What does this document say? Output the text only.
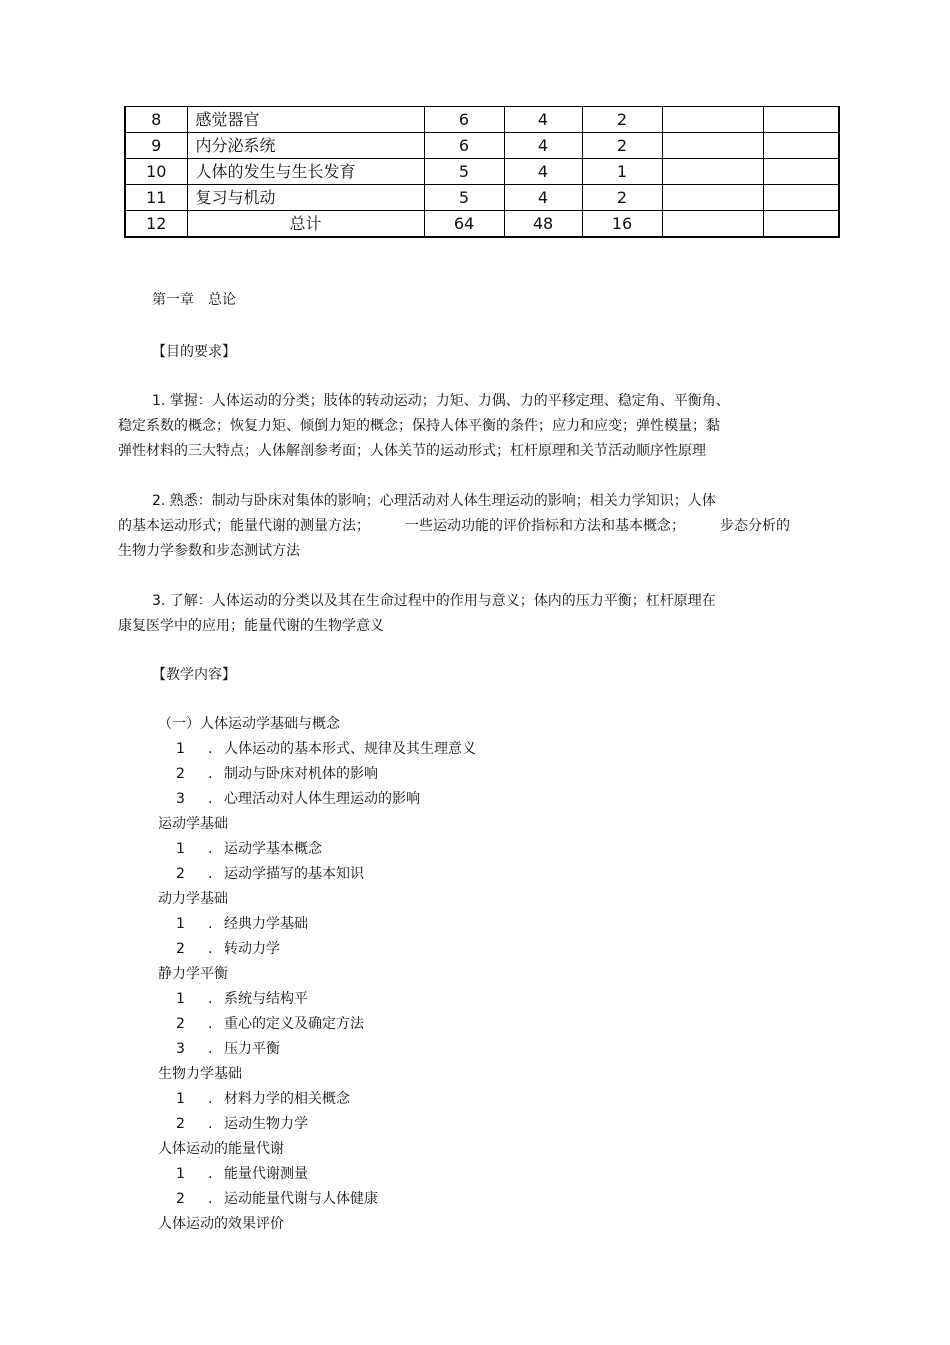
8	感觉器官	6	4	2		
9	内分泌系统	6	4	2		
10	人体的发生与生长发育	5	4	1		
11	复习与机动	5	4	2		
12	总计	64	48	16		
第一章　总论
【目的要求】
1. 掌握：人体运动的分类；肢体的转动运动；力矩、力偶、力的平移定理、稳定角、平衡角、
稳定系数的概念；恢复力矩、倾倒力矩的概念；保持人体平衡的条件；应力和应变；弹性模量；黏
弹性材料的三大特点；人体解剖参考面；人体关节的运动形式；杠杆原理和关节活动顺序性原理
2. 熟悉：制动与卧床对集体的影响；心理活动对人体生理运动的影响；相关力学知识；人体
的基本运动形式；能量代谢的测量方法；　　　一些运动功能的评价指标和方法和基本概念；　　　步态分析的
生物力学参数和步态测试方法
3. 了解：人体运动的分类以及其在生命过程中的作用与意义；体内的压力平衡；杠杆原理在
康复医学中的应用；能量代谢的生物学意义
【教学内容】
（一）人体运动学基础与概念
1	. 人体运动的基本形式、规律及其生理意义
2	. 制动与卧床对机体的影响
3	. 心理活动对人体生理运动的影响
运动学基础
1	. 运动学基本概念
2	. 运动学描写的基本知识
动力学基础
1	. 经典力学基础
2	. 转动力学
静力学平衡
1	. 系统与结构平
2	. 重心的定义及确定方法
3	. 压力平衡
生物力学基础
1	. 材料力学的相关概念
2	. 运动生物力学
人体运动的能量代谢
1	. 能量代谢测量
2	. 运动能量代谢与人体健康
人体运动的效果评价
